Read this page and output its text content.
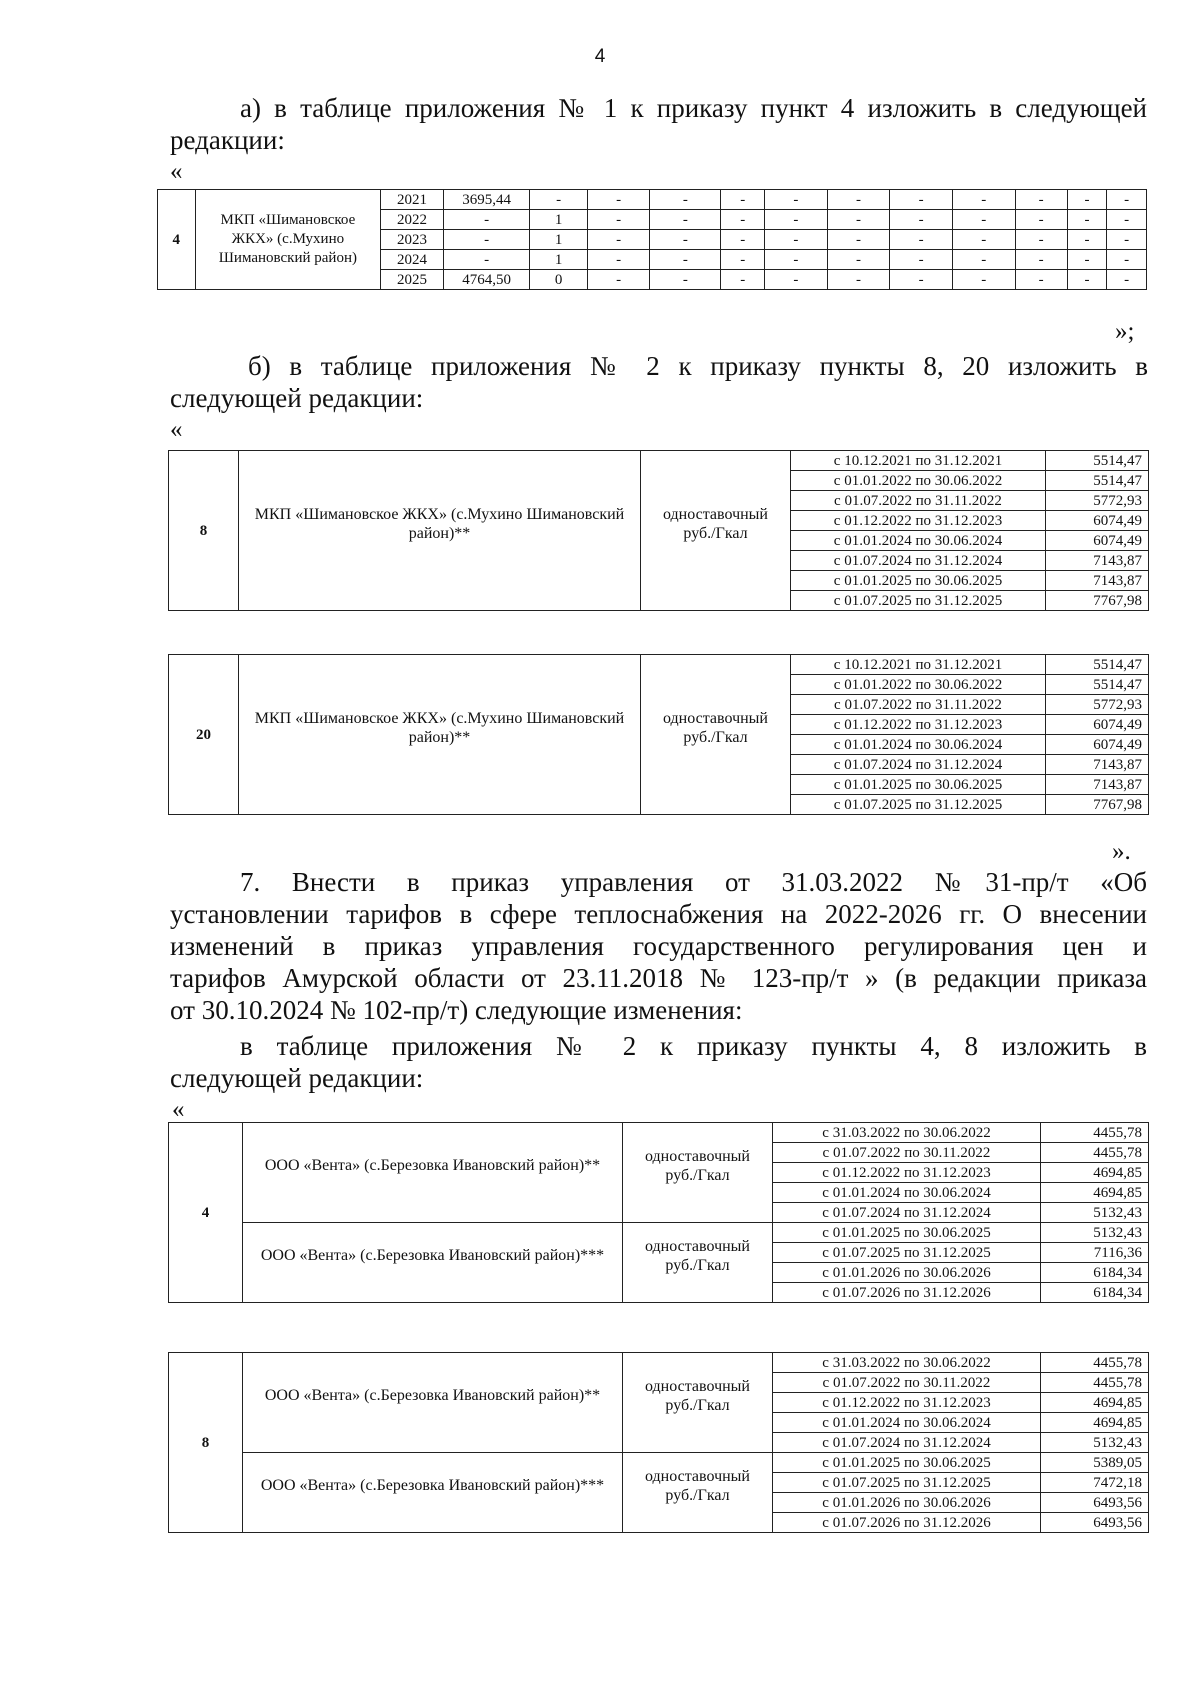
4
а) в таблице приложения № 1 к приказу пункт 4 изложить в следующей
редакции:
«
4	МКП «Шимановское ЖКХ» (с.Мухино Шимановский район)	2021	3695,44	-	-	-	-	-	-	-	-	-	-	-
		2022	-	1	-	-	-	-	-	-	-	-	-	-
		2023	-	1	-	-	-	-	-	-	-	-	-	-
		2024	-	1	-	-	-	-	-	-	-	-	-	-
		2025	4764,50	0	-	-	-	-	-	-	-	-	-	-
»;
б) в таблице приложения № 2 к приказу пункты 8, 20 изложить в
следующей редакции:
«
8	МКП «Шимановское ЖКХ» (с.Мухино Шимановский район)**	одноставочный руб./Гкал	с 10.12.2021 по 31.12.2021	5514,47
			с 01.01.2022 по 30.06.2022	5514,47
			с 01.07.2022 по 31.11.2022	5772,93
			с 01.12.2022 по 31.12.2023	6074,49
			с 01.01.2024 по 30.06.2024	6074,49
			с 01.07.2024 по 31.12.2024	7143,87
			с 01.01.2025 по 30.06.2025	7143,87
			с 01.07.2025 по 31.12.2025	7767,98
20	МКП «Шимановское ЖКХ» (с.Мухино Шимановский район)**	одноставочный руб./Гкал	с 10.12.2021 по 31.12.2021	5514,47
			с 01.01.2022 по 30.06.2022	5514,47
			с 01.07.2022 по 31.11.2022	5772,93
			с 01.12.2022 по 31.12.2023	6074,49
			с 01.01.2024 по 30.06.2024	6074,49
			с 01.07.2024 по 31.12.2024	7143,87
			с 01.01.2025 по 30.06.2025	7143,87
			с 01.07.2025 по 31.12.2025	7767,98
».
7. Внести в приказ управления от 31.03.2022 №31-пр/т «Об
установлении тарифов в сфере теплоснабжения на 2022-2026 гг. О внесении
изменений в приказ управления государственного регулирования цен и
тарифов Амурской области от 23.11.2018 № 123-пр/т » (в редакции приказа
от 30.10.2024 № 102-пр/т) следующие изменения:
в таблице приложения № 2 к приказу пункты 4, 8 изложить в
следующей редакции:
«
4	ООО «Вента» (с.Березовка Ивановский район)**	одноставочный руб./Гкал	с 31.03.2022 по 30.06.2022	4455,78
			с 01.07.2022 по 30.11.2022	4455,78
			с 01.12.2022 по 31.12.2023	4694,85
			с 01.01.2024 по 30.06.2024	4694,85
			с 01.07.2024 по 31.12.2024	5132,43
	ООО «Вента» (с.Березовка Ивановский район)***	одноставочный руб./Гкал	с 01.01.2025 по 30.06.2025	5132,43
			с 01.07.2025 по 31.12.2025	7116,36
			с 01.01.2026 по 30.06.2026	6184,34
			с 01.07.2026 по 31.12.2026	6184,34
8	ООО «Вента» (с.Березовка Ивановский район)**	одноставочный руб./Гкал	с 31.03.2022 по 30.06.2022	4455,78
			с 01.07.2022 по 30.11.2022	4455,78
			с 01.12.2022 по 31.12.2023	4694,85
			с 01.01.2024 по 30.06.2024	4694,85
			с 01.07.2024 по 31.12.2024	5132,43
	ООО «Вента» (с.Березовка Ивановский район)***	одноставочный руб./Гкал	с 01.01.2025 по 30.06.2025	5389,05
			с 01.07.2025 по 31.12.2025	7472,18
			с 01.01.2026 по 30.06.2026	6493,56
			с 01.07.2026 по 31.12.2026	6493,56
